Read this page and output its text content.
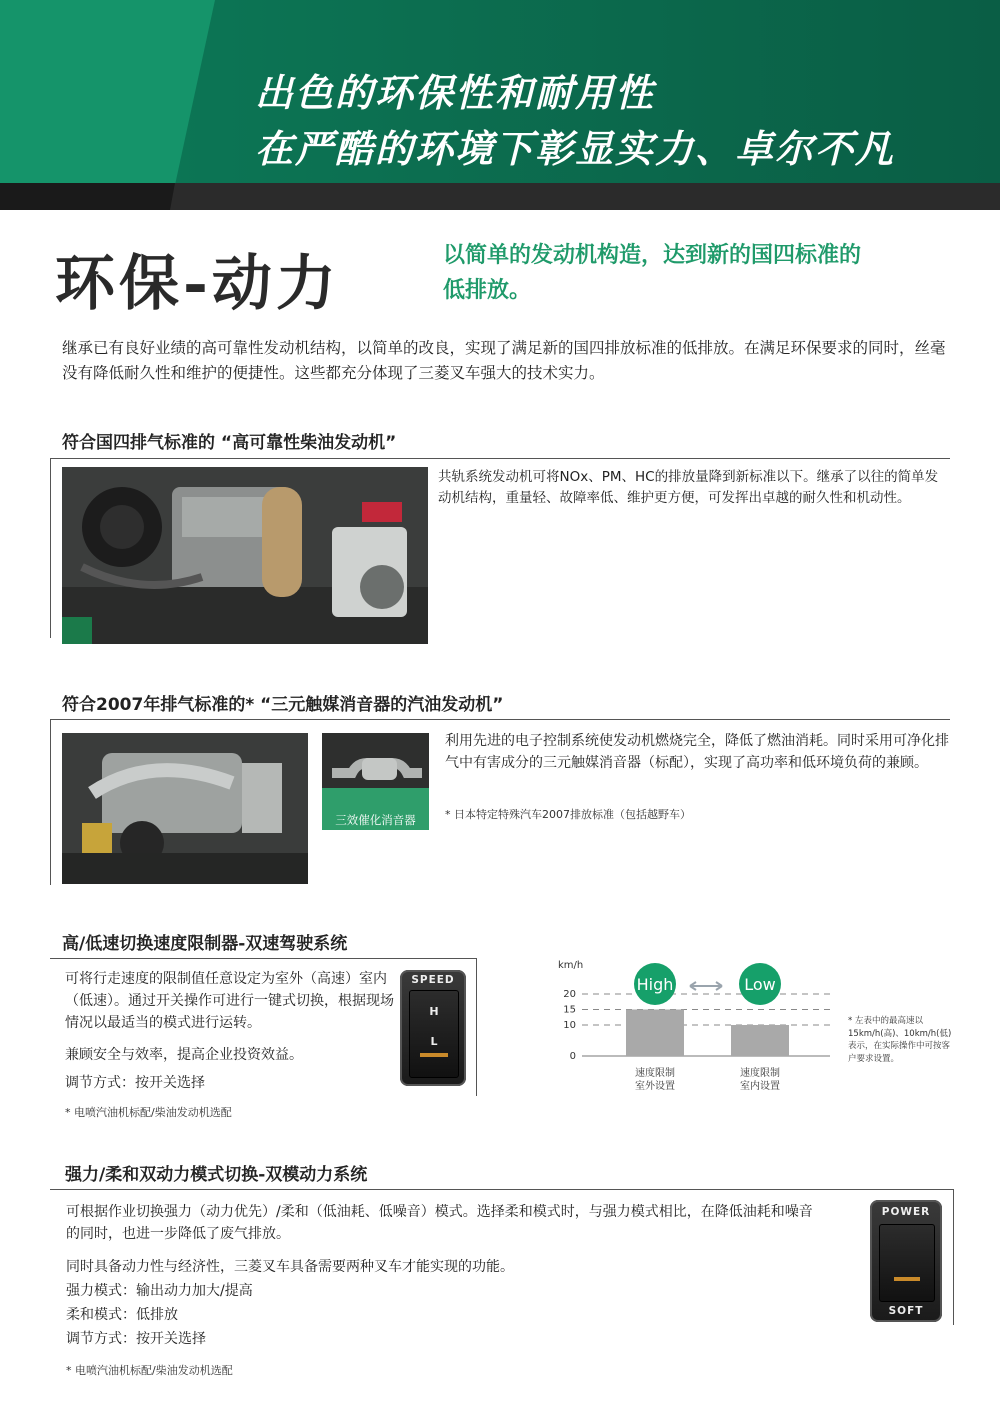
出色的环保性和耐用性
在严酷的环境下彰显实力、卓尔不凡
环保-动力	以简单的发动机构造，达到新的国四标准的低排放。
继承已有良好业绩的高可靠性发动机结构，以简单的改良，实现了满足新的国四排放标准的低排放。在满足环保要求的同时，丝毫没有降低耐久性和维护的便捷性。这些都充分体现了三菱叉车强大的技术实力。
符合国四排气标准的 “高可靠性柴油发动机”
共轨系统发动机可将NOx、PM、HC的排放量降到新标准以下。继承了以往的简单发动机结构，重量轻、故障率低、维护更方便，可发挥出卓越的耐久性和机动性。
符合2007年排气标准的* “三元触媒消音器的汽油发动机”
三效催化消音器
利用先进的电子控制系统使发动机燃烧完全，降低了燃油消耗。同时采用可净化排气中有害成分的三元触媒消音器（标配），实现了高功率和低环境负荷的兼顾。
* 日本特定特殊汽车2007排放标准（包括越野车）
高/低速切换速度限制器-双速驾驶系统
可将行走速度的限制值任意设定为室外（高速）室内（低速）。通过开关操作可进行一键式切换，根据现场情况以最适当的模式进行运转。
兼顾安全与效率，提高企业投资效益。
调节方式：按开关选择
* 电喷汽油机标配/柴油发动机选配
SPEED
H
L
km/h
0
10
15
20
High	Low
速度限制
室外设置
速度限制
室内设置
* 左表中的最高速以15km/h(高)、10km/h(低)表示，在实际操作中可按客户要求设置。
强力/柔和双动力模式切换-双模动力系统
可根据作业切换强力（动力优先）/柔和（低油耗、低噪音）模式。选择柔和模式时，与强力模式相比，在降低油耗和噪音的同时，也进一步降低了废气排放。
同时具备动力性与经济性，三菱叉车具备需要两种叉车才能实现的功能。
强力模式：输出动力加大/提高
柔和模式：低排放
调节方式：按开关选择
* 电喷汽油机标配/柴油发动机选配
POWER
SOFT
